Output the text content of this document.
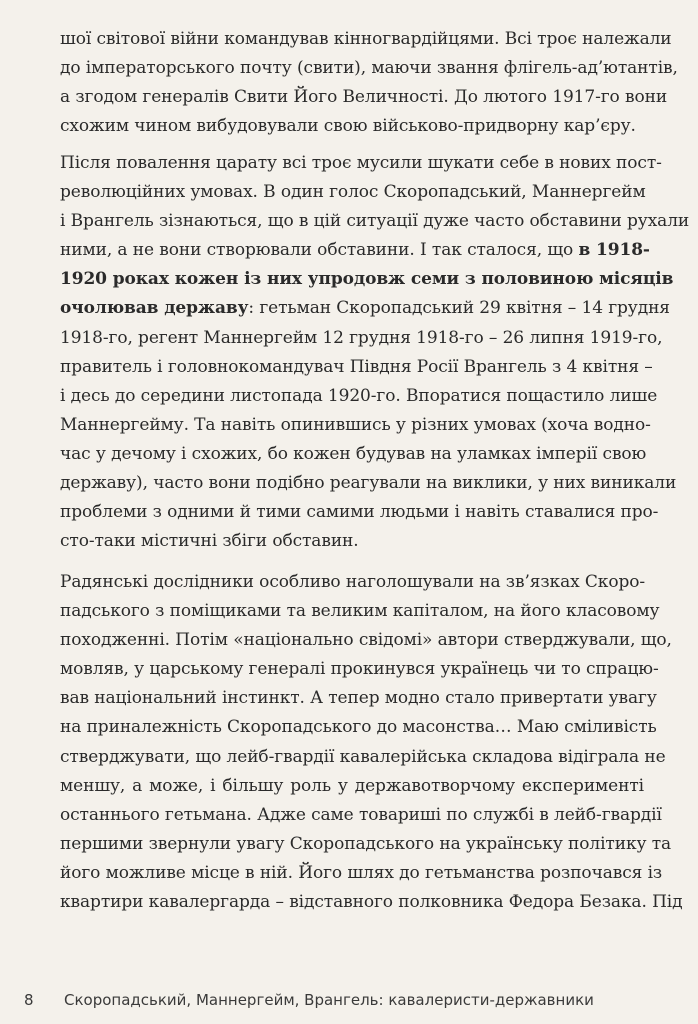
шої світової війни командував кінногвардійцями. Всі троє належали
до імператорського почту (свити), маючи звання флігель-ад’ютантів,
а згодом генералів Свити Його Величності. До лютого 1917-го вони
схожим чином вибудовували свою військово-придворну кар’єру.
Після повалення царату всі троє мусили шукати себе в нових пост-
революційних умовах. В один голос Скоропадський, Маннергейм
і Врангель зізнаються, що в цій ситуації дуже часто обставини рухали
ними, а не вони створювали обставини. І так сталося, що в 1918-
1920 роках кожен із них упродовж семи з половиною місяців
очолював державу: гетьман Скоропадський 29 квітня – 14 грудня
1918-го, регент Маннергейм 12 грудня 1918-го – 26 липня 1919-го,
правитель і головнокомандувач Півдня Росії Врангель з 4 квітня –
і десь до середини листопада 1920-го. Впоратися пощастило лише
Маннергейму. Та навіть опинившись у різних умовах (хоча водно-
час у дечому і схожих, бо кожен будував на уламках імперії свою
державу), часто вони подібно реагували на виклики, у них виникали
проблеми з одними й тими самими людьми і навіть ставалися про-
сто-таки містичні збіги обставин.
Радянські дослідники особливо наголошували на зв’язках Скоро-
падського з поміщиками та великим капіталом, на його класовому
походженні. Потім «національно свідомі» автори стверджували, що,
мовляв, у царському генералі прокинувся українець чи то спрацю-
вав національний інстинкт. А тепер модно стало привертати увагу
на приналежність Скоропадського до масонства… Маю сміливість
стверджувати, що лейб-гвардії кавалерійська складова відіграла не
меншу, а може, і більшу роль у державотворчому експерименті
останнього гетьмана. Адже саме товариші по службі в лейб-гвардії
першими звернули увагу Скоропадського на українську політику та
його можливе місце в ній. Його шлях до гетьманства розпочався із
квартири кавалергарда – відставного полковника Федора Безака. Під
8 Скоропадський, Маннергейм, Врангель: кавалеристи-державники
